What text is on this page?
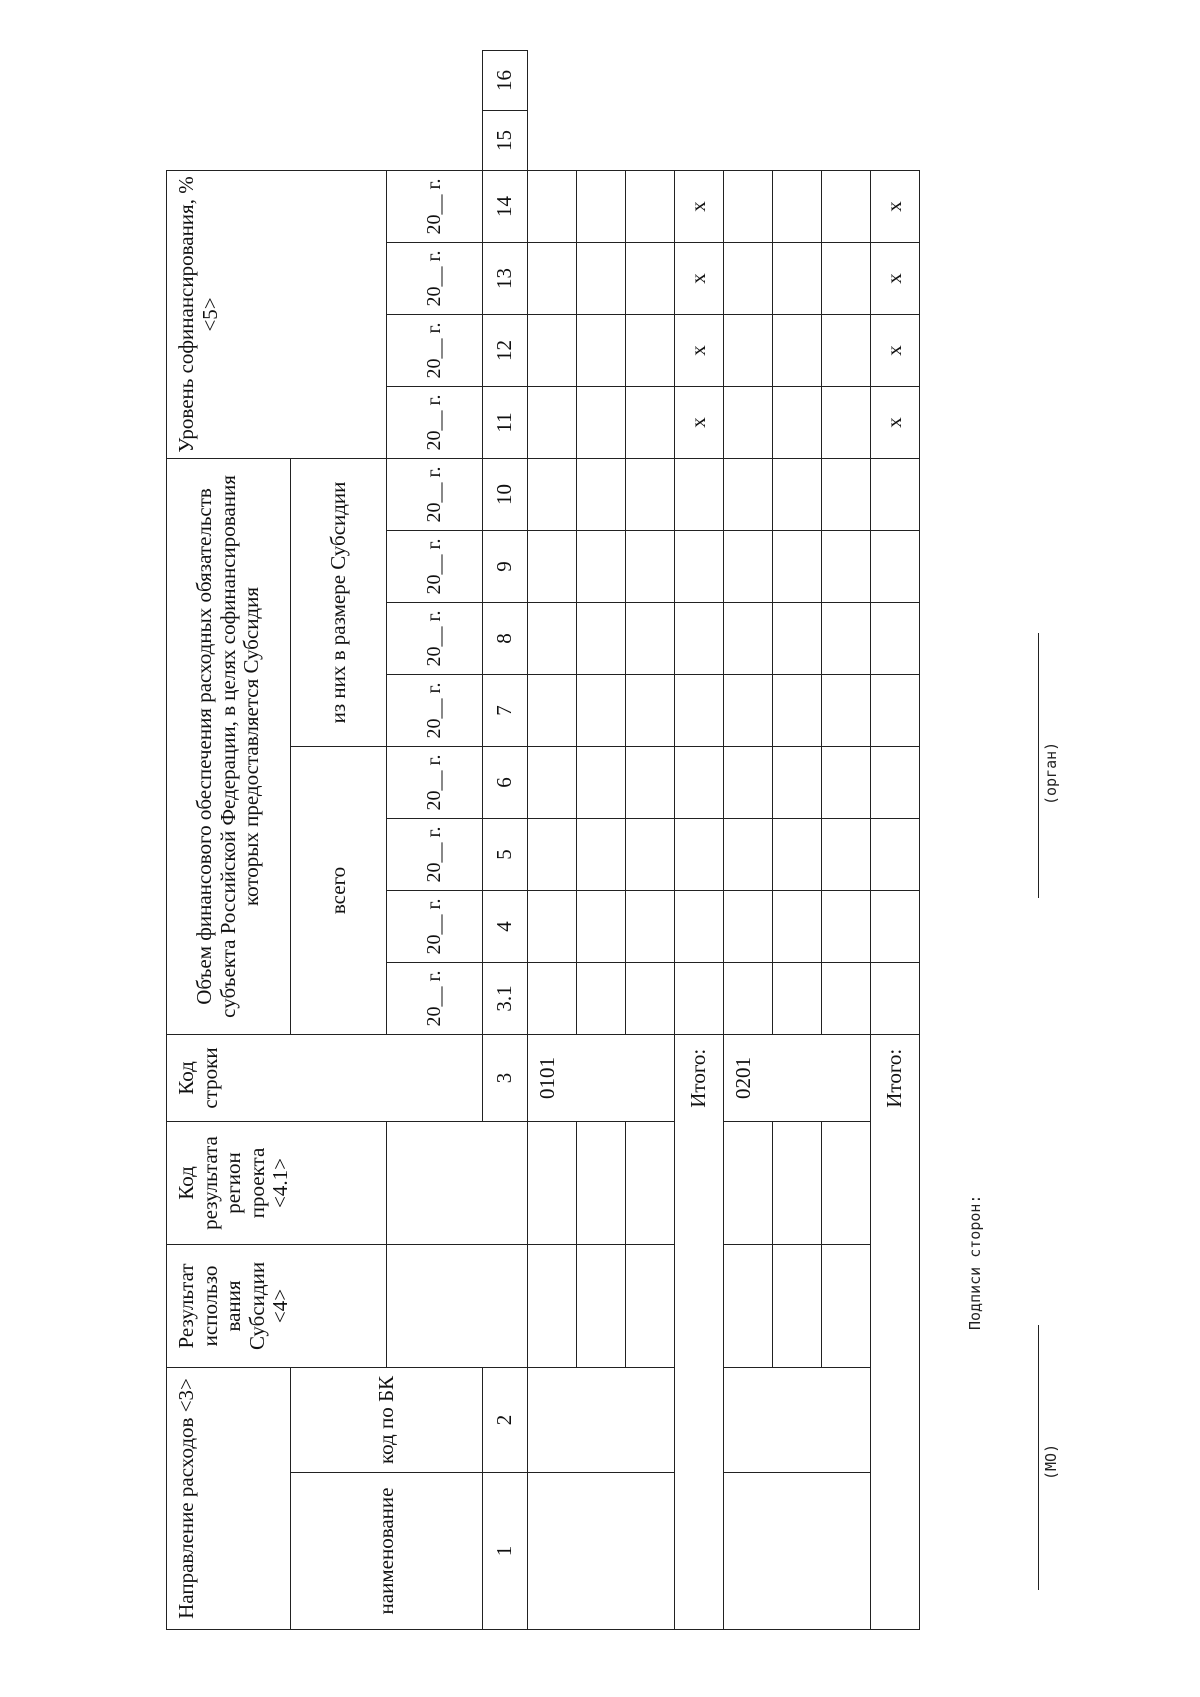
Направление расходов <3>		Результат использо вания Субсидии <4>	Код результата регион проекта <4.1>	Код строки	Объем финансового обеспечения расходных обязательств субъекта Российской Федерации, в целях софинансирования которых предоставляется Субсидия								Уровень софинансирования, % <5>					
наименование	код по БК				всего				из них в размере Субсидии									
					20__ г.	20__ г.	20__ г.	20__ г.	20__ г.	20__ г.	20__ г.	20__ г.	20__ г.	20__ г.	20__ г.	20__ г.		
1	2			3	3.1	4	5	6	7	8	9	10	11	12	13	14	15	16
				0101														

				Итого:									х	х	х	х		
				0201														

				Итого:									х	х	х	х		
Подписи сторон:
(МО)
(орган)
